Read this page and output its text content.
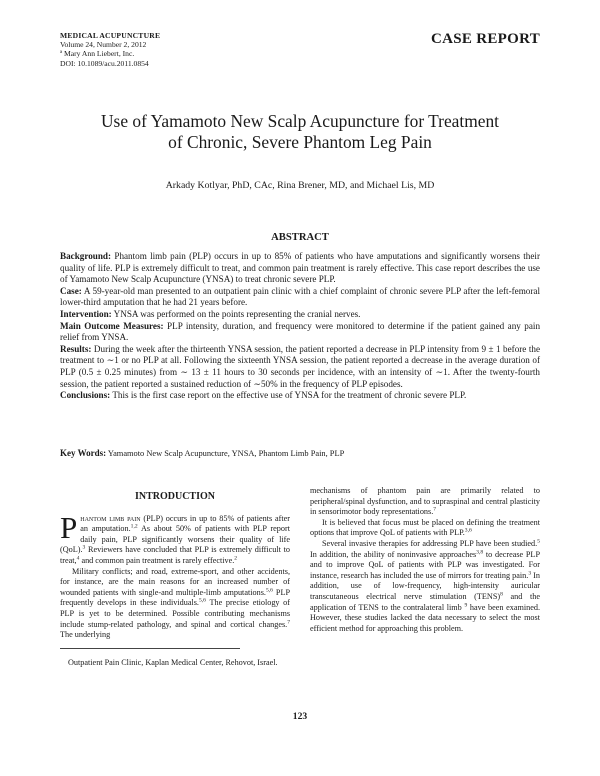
MEDICAL ACUPUNCTURE
Volume 24, Number 2, 2012
ª Mary Ann Liebert, Inc.
DOI: 10.1089/acu.2011.0854
CASE REPORT
Use of Yamamoto New Scalp Acupuncture for Treatment
of Chronic, Severe Phantom Leg Pain
Arkady Kotlyar, PhD, CAc, Rina Brener, MD, and Michael Lis, MD
ABSTRACT

Background: Phantom limb pain (PLP) occurs in up to 85% of patients who have amputations and significantly worsens their quality of life. PLP is extremely difficult to treat, and common pain treatment is rarely effective. This case report describes the use of Yamamoto New Scalp Acupuncture (YNSA) to treat chronic severe PLP.

Case: A 59-year-old man presented to an outpatient pain clinic with a chief complaint of chronic severe PLP after the left-femoral lower-third amputation that he had 21 years before.

Intervention: YNSA was performed on the points representing the cranial nerves.

Main Outcome Measures: PLP intensity, duration, and frequency were monitored to determine if the patient gained any pain relief from YNSA.

Results: During the week after the thirteenth YNSA session, the patient reported a decrease in PLP intensity from 9 ± 1 before the treatment to ∼1 or no PLP at all. Following the sixteenth YNSA session, the patient reported a decrease in the average duration of PLP (0.5 ± 0.25 minutes) from ∼ 13 ± 11 hours to 30 seconds per incidence, with an intensity of ∼1. After the twenty-fourth session, the patient reported a sustained reduction of ∼50% in the frequency of PLP episodes.

Conclusions: This is the first case report on the effective use of YNSA for the treatment of chronic severe PLP.

Key Words: Yamamoto New Scalp Acupuncture, YNSA, Phantom Limb Pain, PLP

INTRODUCTION

Phantom limb pain (PLP) occurs in up to 85% of patients after an amputation.$^{1,2}$ As about 50% of patients with PLP report daily pain, PLP significantly worsens their quality of life (QoL).$^3$ Reviewers have concluded that PLP is extremely difficult to treat,$^4$ and common pain treatment is rarely effective.$^2$

Military conflicts; and road, extreme-sport, and other accidents, for instance, are the main reasons for an increased number of wounded patients with single-and multiple-limb amputations.$^{5,6}$ PLP frequently develops in these individuals.$^{5,6}$ The precise etiology of PLP is yet to be determined. Possible contributing mechanisms include stump-related pathology, and spinal and cortical changes.$^7$ The underlying

mechanisms of phantom pain are primarily related to peripheral/spinal dysfunction, and to supraspinal and central plasticity in sensorimotor body representations.$^7$

It is believed that focus must be placed on defining the treatment options that improve QoL of patients with PLP.$^{3,6}$

Several invasive therapies for addressing PLP have been studied.$^5$ In addition, the ability of noninvasive approaches$^{3,8}$ to decrease PLP and to improve QoL of patients with PLP was investigated. For instance, research has included the use of mirrors for treating pain.$^3$ In addition, use of low-frequency, high-intensity auricular transcutaneous electrical nerve stimulation (TENS)$^8$ and the application of TENS to the contralateral limb $^9$ have been examined. However, these studies lacked the data necessary to select the most efficient method for approaching this problem.

Outpatient Pain Clinic, Kaplan Medical Center, Rehovot, Israel.
123
